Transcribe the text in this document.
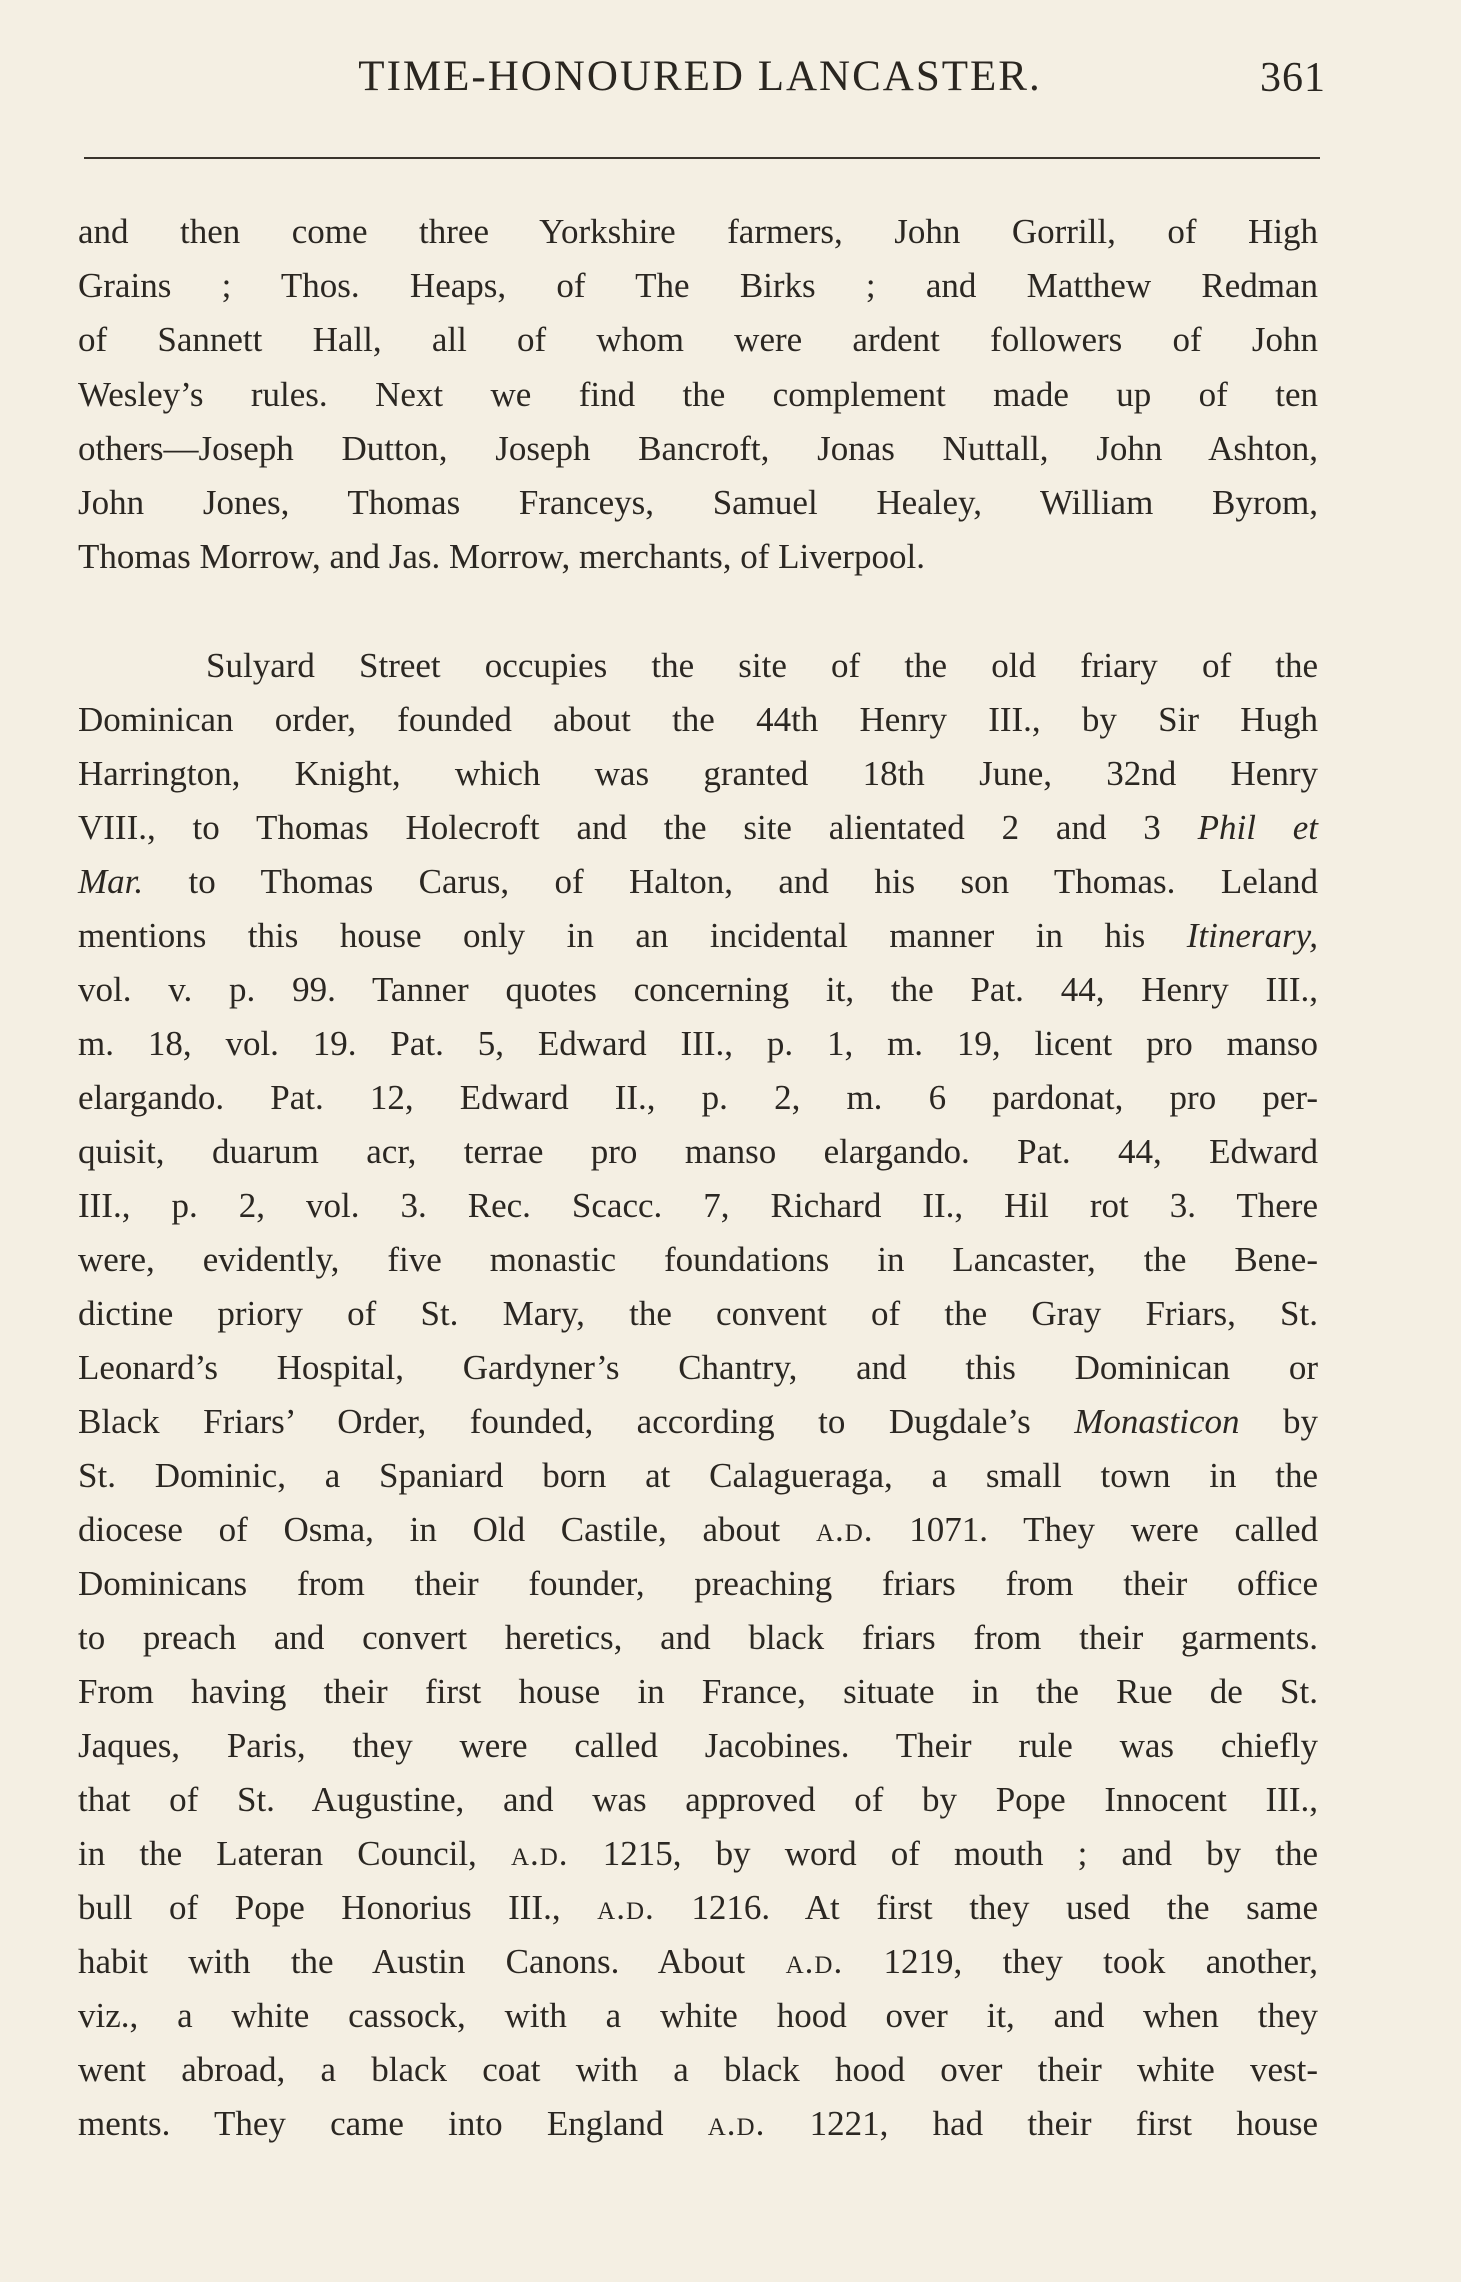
TIME-HONOURED LANCASTER.	361
and then come three Yorkshire farmers, John Gorrill, of High
Grains ; Thos. Heaps, of The Birks ; and Matthew Redman
of Sannett Hall, all of whom were ardent followers of John
Wesley’s rules. Next we find the complement made up of ten
others—Joseph Dutton, Joseph Bancroft, Jonas Nuttall, John Ashton,
John Jones, Thomas Franceys, Samuel Healey, William Byrom,
Thomas Morrow, and Jas. Morrow, merchants, of Liverpool.
Sulyard Street occupies the site of the old friary of the
Dominican order, founded about the 44th Henry III., by Sir Hugh
Harrington, Knight, which was granted 18th June, 32nd Henry
VIII., to Thomas Holecroft and the site alientated 2 and 3 Phil et
Mar. to Thomas Carus, of Halton, and his son Thomas. Leland
mentions this house only in an incidental manner in his Itinerary,
vol. v. p. 99. Tanner quotes concerning it, the Pat. 44, Henry III.,
m. 18, vol. 19. Pat. 5, Edward III., p. 1, m. 19, licent pro manso
elargando. Pat. 12, Edward II., p. 2, m. 6 pardonat, pro per-
quisit, duarum acr, terrae pro manso elargando. Pat. 44, Edward
III., p. 2, vol. 3. Rec. Scacc. 7, Richard II., Hil rot 3. There
were, evidently, five monastic foundations in Lancaster, the Bene-
dictine priory of St. Mary, the convent of the Gray Friars, St.
Leonard’s Hospital, Gardyner’s Chantry, and this Dominican or
Black Friars’ Order, founded, according to Dugdale’s Monasticon by
St. Dominic, a Spaniard born at Calagueraga, a small town in the
diocese of Osma, in Old Castile, about a.d. 1071. They were called
Dominicans from their founder, preaching friars from their office
to preach and convert heretics, and black friars from their garments.
From having their first house in France, situate in the Rue de St.
Jaques, Paris, they were called Jacobines. Their rule was chiefly
that of St. Augustine, and was approved of by Pope Innocent III.,
in the Lateran Council, a.d. 1215, by word of mouth ; and by the
bull of Pope Honorius III., a.d. 1216. At first they used the same
habit with the Austin Canons. About a.d. 1219, they took another,
viz., a white cassock, with a white hood over it, and when they
went abroad, a black coat with a black hood over their white vest-
ments. They came into England a.d. 1221, had their first house
